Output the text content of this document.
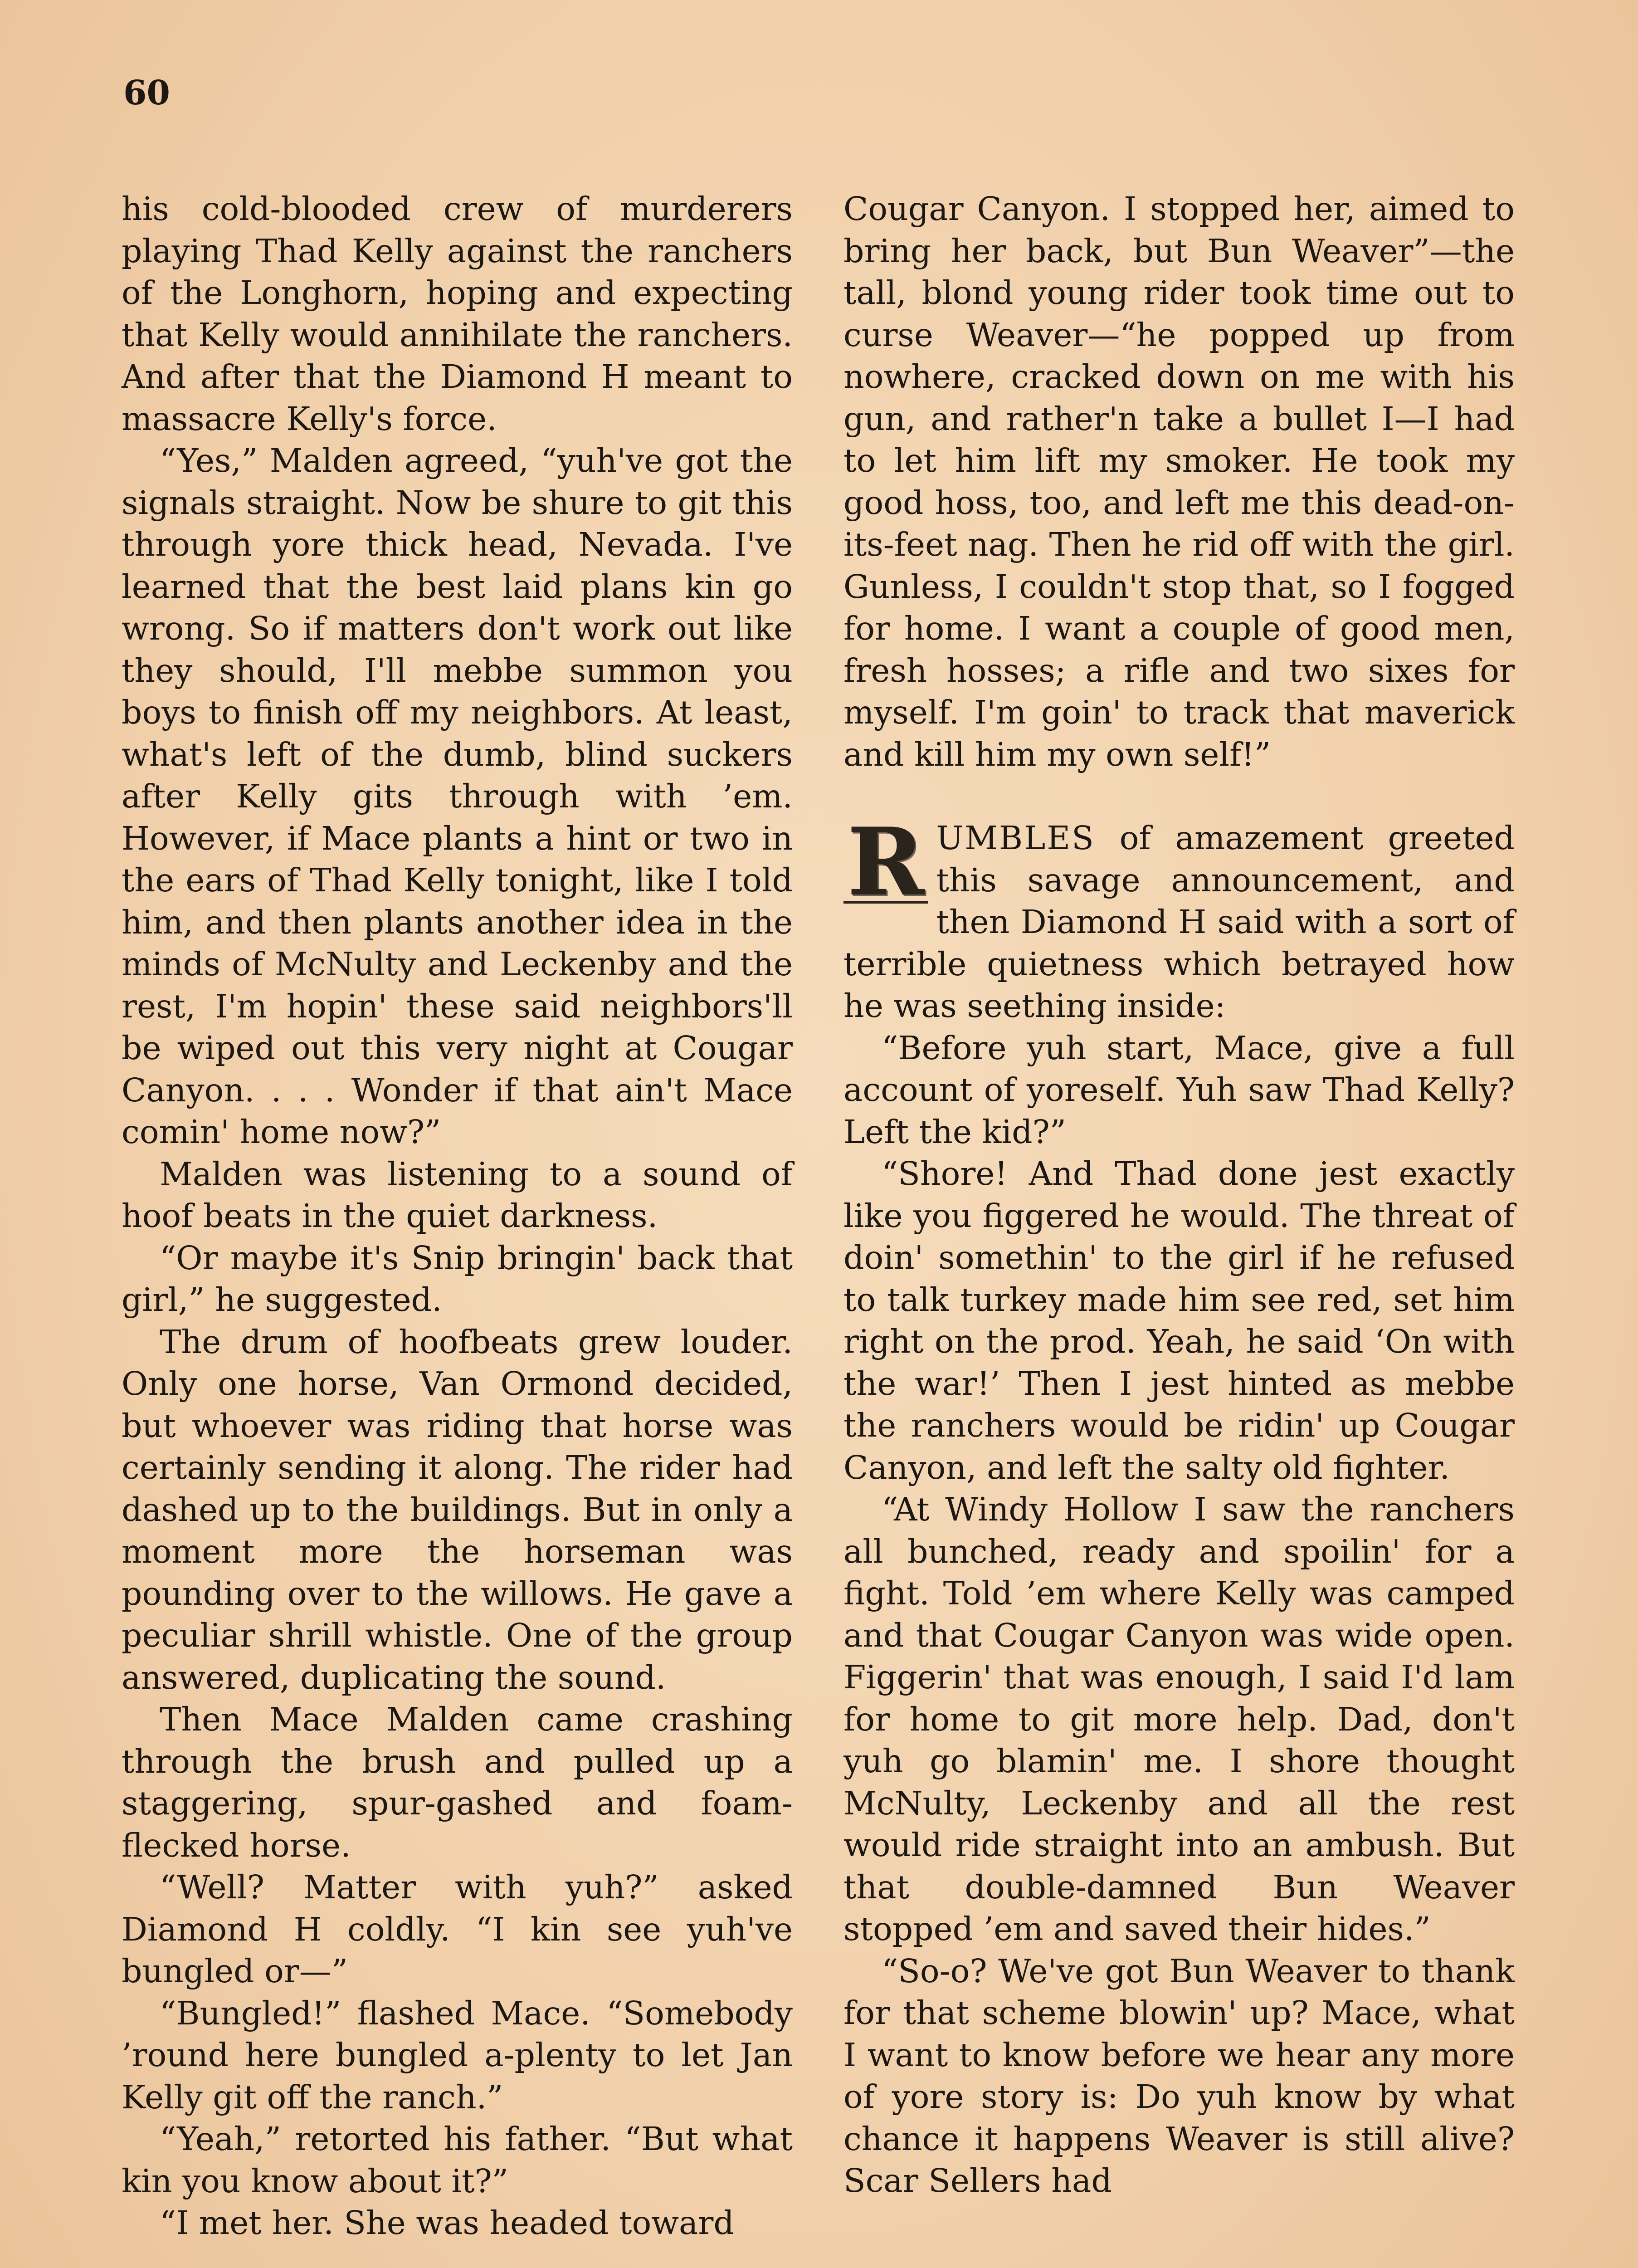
60

his cold-blooded crew of murderers playing Thad Kelly against the ranchers of the Longhorn, hoping and expecting that Kelly would annihilate the ranchers. And after that the Diamond H meant to massacre Kelly's force.

“Yes,” Malden agreed, “yuh've got the signals straight. Now be shure to git this through yore thick head, Nevada. I've learned that the best laid plans kin go wrong. So if matters don't work out like they should, I'll mebbe summon you boys to finish off my neighbors. At least, what's left of the dumb, blind suckers after Kelly gits through with ’em. However, if Mace plants a hint or two in the ears of Thad Kelly tonight, like I told him, and then plants another idea in the minds of McNulty and Leckenby and the rest, I'm hopin' these said neighbors'll be wiped out this very night at Cougar Canyon. . . . Wonder if that ain't Mace comin' home now?”

Malden was listening to a sound of hoof beats in the quiet darkness.

“Or maybe it's Snip bringin' back that girl,” he suggested.

The drum of hoofbeats grew louder. Only one horse, Van Ormond decided, but whoever was riding that horse was certainly sending it along. The rider had dashed up to the buildings. But in only a moment more the horseman was pounding over to the willows. He gave a peculiar shrill whistle. One of the group answered, duplicating the sound.

Then Mace Malden came crashing through the brush and pulled up a staggering, spur-gashed and foam-flecked horse.

“Well? Matter with yuh?” asked Diamond H coldly. “I kin see yuh've bungled or—”

“Bungled!” flashed Mace. “Somebody ’round here bungled a-plenty to let Jan Kelly git off the ranch.”

“Yeah,” retorted his father. “But what kin you know about it?”

“I met her. She was headed toward

Cougar Canyon. I stopped her, aimed to bring her back, but Bun Weaver”—the tall, blond young rider took time out to curse Weaver—“he popped up from nowhere, cracked down on me with his gun, and rather'n take a bullet I—I had to let him lift my smoker. He took my good hoss, too, and left me this dead-on-its-feet nag. Then he rid off with the girl. Gunless, I couldn't stop that, so I fogged for home. I want a couple of good men, fresh hosses; a rifle and two sixes for myself. I'm goin' to track that maverick and kill him my own self!”

R UMBLES of amazement greeted this savage announcement, and then Diamond H said with a sort of terrible quietness which betrayed how he was seething inside:

“Before yuh start, Mace, give a full account of yoreself. Yuh saw Thad Kelly? Left the kid?”

“Shore! And Thad done jest exactly like you figgered he would. The threat of doin' somethin' to the girl if he refused to talk turkey made him see red, set him right on the prod. Yeah, he said ‘On with the war!’ Then I jest hinted as mebbe the ranchers would be ridin' up Cougar Canyon, and left the salty old fighter.

“At Windy Hollow I saw the ranchers all bunched, ready and spoilin' for a fight. Told ’em where Kelly was camped and that Cougar Canyon was wide open. Figgerin' that was enough, I said I'd lam for home to git more help. Dad, don't yuh go blamin' me. I shore thought McNulty, Leckenby and all the rest would ride straight into an ambush. But that double-damned Bun Weaver stopped ’em and saved their hides.”

“So-o? We've got Bun Weaver to thank for that scheme blowin' up? Mace, what I want to know before we hear any more of yore story is: Do yuh know by what chance it happens Weaver is still alive? Scar Sellers had
